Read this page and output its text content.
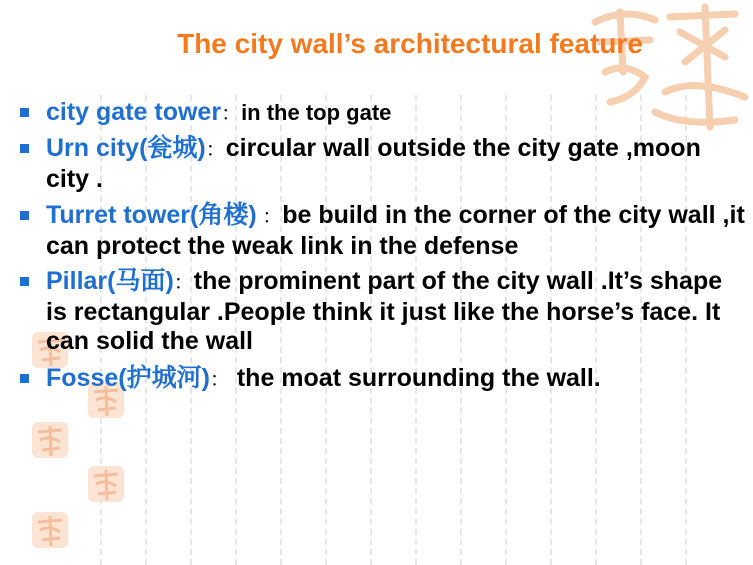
The city wall’s architectural feature
city gate tower：in the top gate
Urn city(瓮城)：circular wall outside the city gate ,moon city .
Turret tower(角楼) ：be build in the corner of the city wall ,it can protect the weak link in the defense
Pillar(马面)：the prominent part of the city wall .It’s shape is rectangular .People think it just like the horse’s face. It can solid the wall
Fosse(护城河)： the moat surrounding the wall.
